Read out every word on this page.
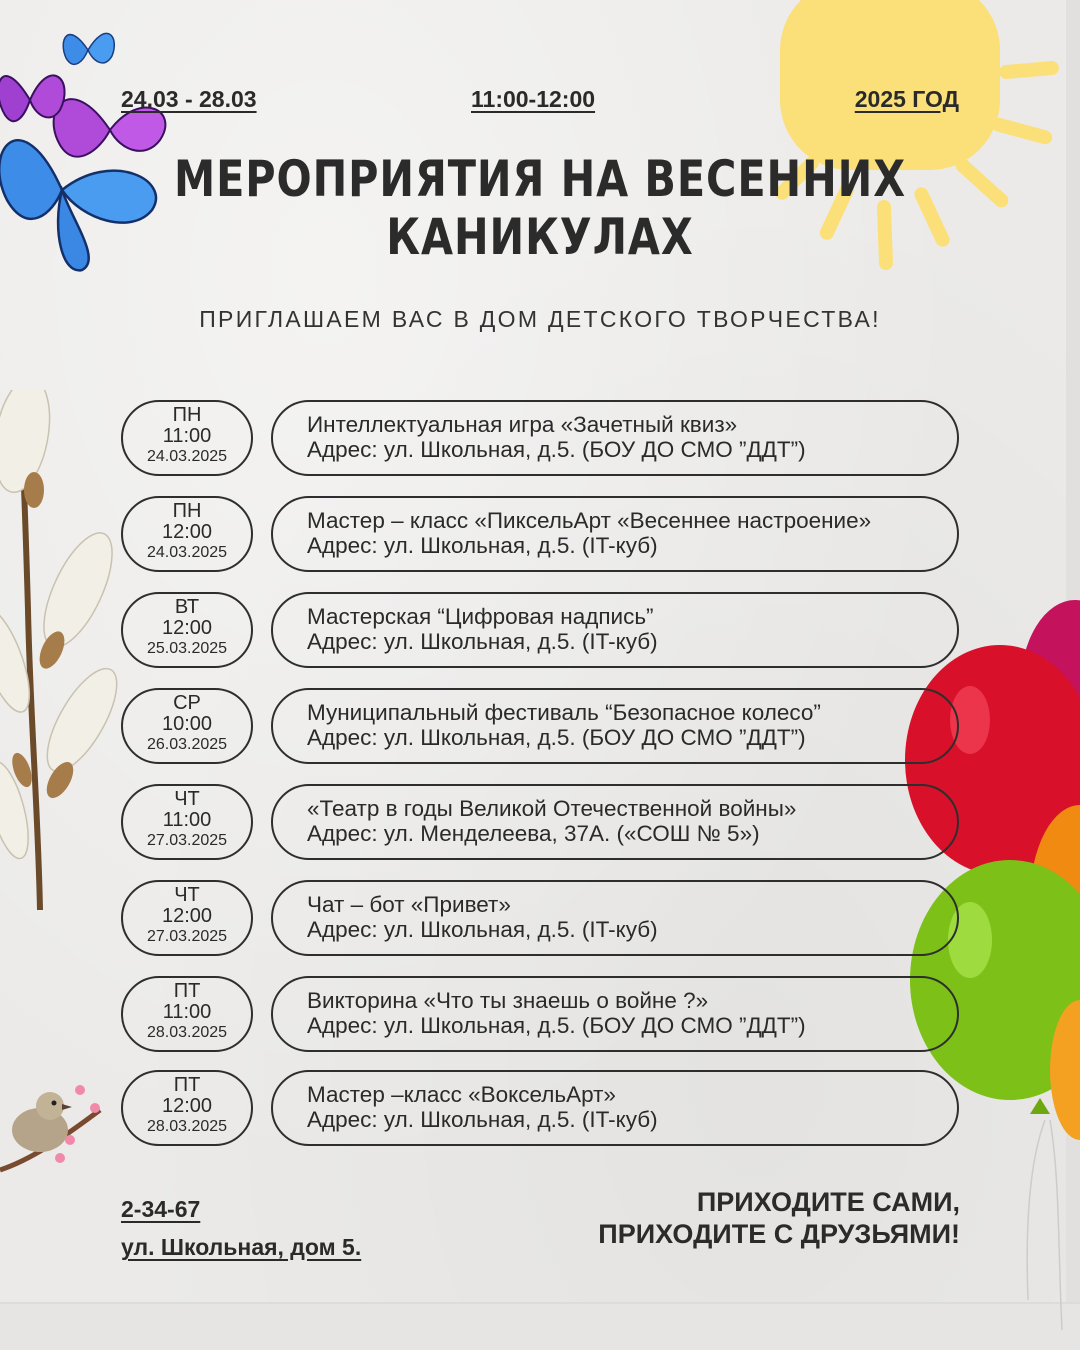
24.03 - 28.03	11:00-12:00	2025 ГОД
МЕРОПРИЯТИЯ НА ВЕСЕННИХ
КАНИКУЛАХ
ПРИГЛАШАЕМ ВАС В ДОМ ДЕТСКОГО ТВОРЧЕСТВА!
ПН
11:00
24.03.2025
Интеллектуальная игра «Зачетный квиз»
Адрес: ул. Школьная, д.5. (БОУ ДО СМО ”ДДТ”)
ПН
12:00
24.03.2025
Мастер – класс «ПиксельАрт «Весеннее настроение»
Адрес: ул. Школьная, д.5. (IT-куб)
ВТ
12:00
25.03.2025
Мастерская “Цифровая надпись”
Адрес: ул. Школьная, д.5. (IT-куб)
СР
10:00
26.03.2025
Муниципальный фестиваль “Безопасное колесо”
Адрес: ул. Школьная, д.5. (БОУ ДО СМО ”ДДТ”)
ЧТ
11:00
27.03.2025
«Театр в годы Великой Отечественной войны»
Адрес: ул. Менделеева, 37А. («СОШ № 5»)
ЧТ
12:00
27.03.2025
Чат – бот «Привет»
Адрес: ул. Школьная, д.5. (IT-куб)
ПТ
11:00
28.03.2025
Викторина «Что ты знаешь о войне ?»
Адрес: ул. Школьная, д.5. (БОУ ДО СМО ”ДДТ”)
ПТ
12:00
28.03.2025
Мастер –класс «ВоксельАрт»
Адрес: ул. Школьная, д.5. (IT-куб)
2-34-67
ул. Школьная, дом 5.
ПРИХОДИТЕ САМИ,
ПРИХОДИТЕ С ДРУЗЬЯМИ!
